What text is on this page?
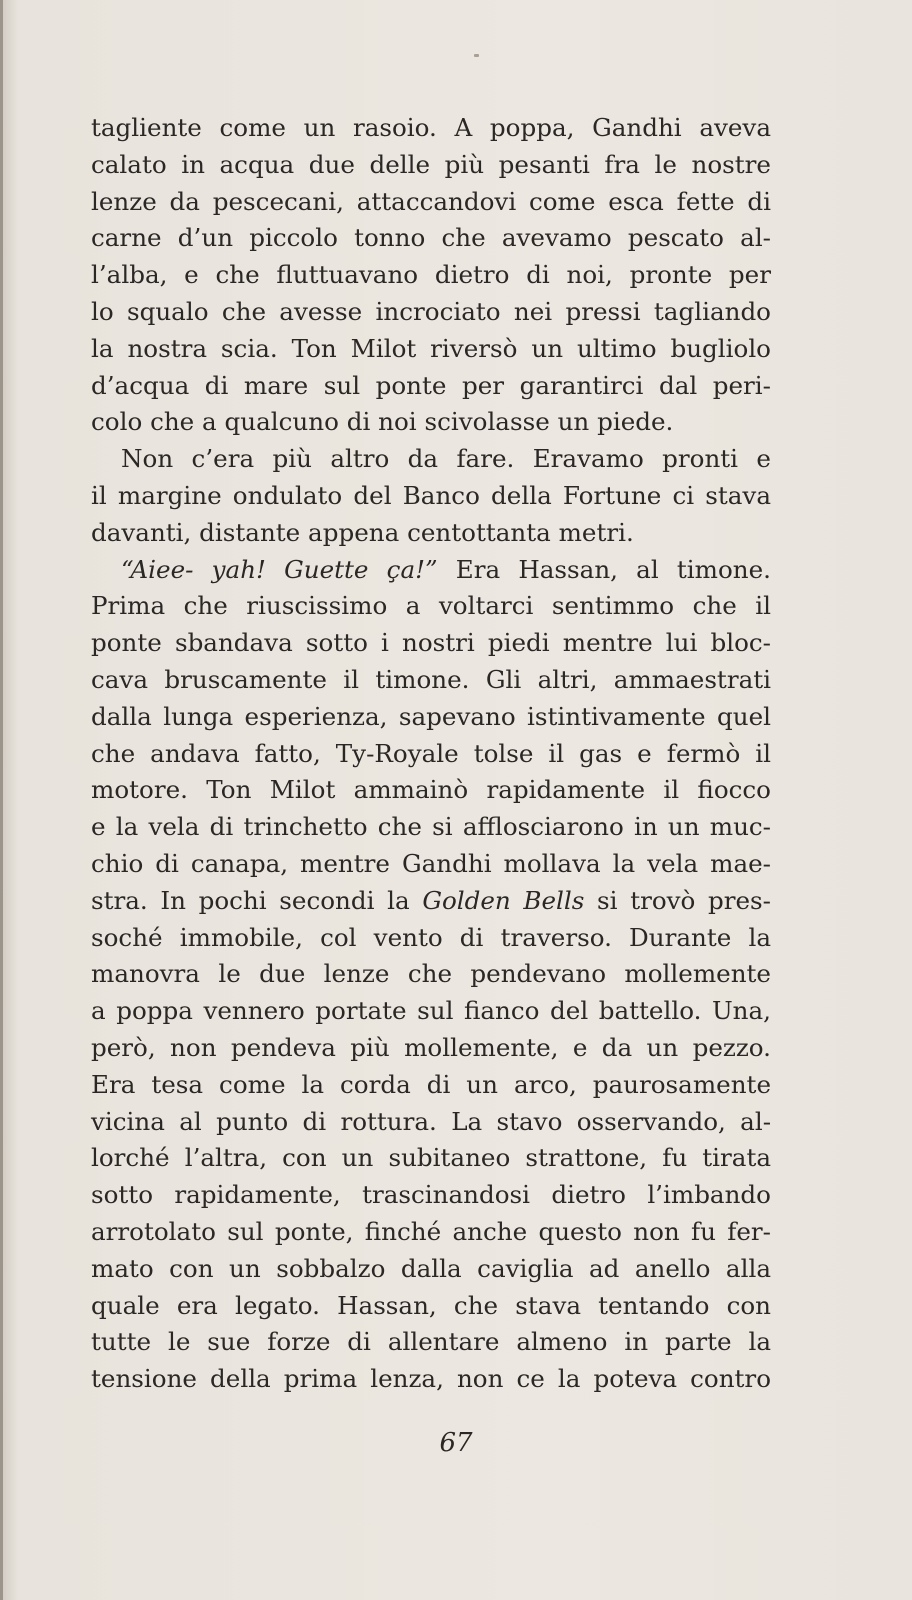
tagliente come un rasoio. A poppa, Gandhi aveva
calato in acqua due delle più pesanti fra le nostre
lenze da pescecani, attaccandovi come esca fette di
carne d’un piccolo tonno che avevamo pescato al-
l’alba, e che fluttuavano dietro di noi, pronte per
lo squalo che avesse incrociato nei pressi tagliando
la nostra scia. Ton Milot riversò un ultimo bugliolo
d’acqua di mare sul ponte per garantirci dal peri-
colo che a qualcuno di noi scivolasse un piede.
Non c’era più altro da fare. Eravamo pronti e
il margine ondulato del Banco della Fortune ci stava
davanti, distante appena centottanta metri.
“Aiee- yah! Guette ça!” Era Hassan, al timone.
Prima che riuscissimo a voltarci sentimmo che il
ponte sbandava sotto i nostri piedi mentre lui bloc-
cava bruscamente il timone. Gli altri, ammaestrati
dalla lunga esperienza, sapevano istintivamente quel
che andava fatto, Ty-Royale tolse il gas e fermò il
motore. Ton Milot ammainò rapidamente il fiocco
e la vela di trinchetto che si afflosciarono in un muc-
chio di canapa, mentre Gandhi mollava la vela mae-
stra. In pochi secondi la Golden Bells si trovò pres-
soché immobile, col vento di traverso. Durante la
manovra le due lenze che pendevano mollemente
a poppa vennero portate sul fianco del battello. Una,
però, non pendeva più mollemente, e da un pezzo.
Era tesa come la corda di un arco, paurosamente
vicina al punto di rottura. La stavo osservando, al-
lorché l’altra, con un subitaneo strattone, fu tirata
sotto rapidamente, trascinandosi dietro l’imbando
arrotolato sul ponte, finché anche questo non fu fer-
mato con un sobbalzo dalla caviglia ad anello alla
quale era legato. Hassan, che stava tentando con
tutte le sue forze di allentare almeno in parte la
tensione della prima lenza, non ce la poteva contro
67
